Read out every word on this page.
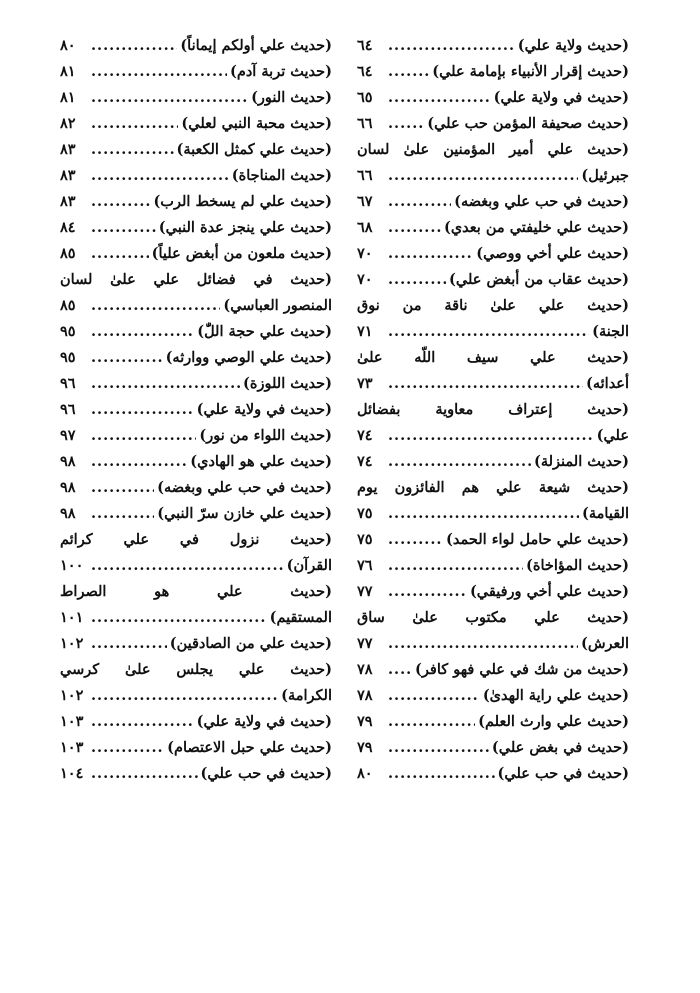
(حديث ولاية علي)
.....
٦٤
(حديث إقرار الأنبياء بإمامة علي)
.....
٦٤
(حديث في ولاية علي)
.....
٦٥
(حديث صحيفة المؤمن حب علي)
.....
٦٦
(حديث علي أمير المؤمنين علىٰ لسان
جبرئيل)
.....
٦٦
(حديث في حب علي وبغضه)
.....
٦٧
(حديث علي خليفتي من بعدي)
.....
٦٨
(حديث علي أخي ووصي)
.....
٧٠
(حديث عقاب من أبغض علي)
.....
٧٠
(حديث علي علىٰ ناقة من نوق
الجنة)
.....
٧١
(حديث علي سيف اللّه علىٰ
أعدائه)
.....
٧٣
(حديث إعتراف معاوية بفضائل
علي)
.....
٧٤
(حديث المنزلة)
.....
٧٤
(حديث شيعة علي هم الفائزون يوم
القيامة)
.....
٧٥
(حديث علي حامل لواء الحمد)
.....
٧٥
(حديث المؤاخاة)
.....
٧٦
(حديث علي أخي ورفيقي)
.....
٧٧
(حديث علي مكتوب علىٰ ساق
العرش)
.....
٧٧
(حديث من شك في علي فهو كافر)
.....
٧٨
(حديث علي راية الهدىٰ)
.....
٧٨
(حديث علي وارث العلم)
.....
٧٩
(حديث في بغض علي)
.....
٧٩
(حديث في حب علي)
.....
٨٠
(حديث علي أولكم إيماناً)
.....
٨٠
(حديث تربة آدم)
.....
٨١
(حديث النور)
.....
٨١
(حديث محبة النبي لعلي)
.....
٨٢
(حديث علي كمثل الكعبة)
.....
٨٣
(حديث المناجاة)
.....
٨٣
(حديث علي لم يسخط الرب)
.....
٨٣
(حديث علي ينجز عدة النبي)
.....
٨٤
(حديث ملعون من أبغض علياً)
.....
٨٥
(حديث في فضائل علي علىٰ لسان
المنصور العباسي)
.....
٨٥
(حديث علي حجة اللّٰ)
.....
٩٥
(حديث علي الوصي ووارثه)
.....
٩٥
(حديث اللوزة)
.....
٩٦
(حديث في ولاية علي)
.....
٩٦
(حديث اللواء من نور)
.....
٩٧
(حديث علي هو الهادي)
.....
٩٨
(حديث في حب علي وبغضه)
.....
٩٨
(حديث علي خازن سرّ النبي)
.....
٩٨
(حديث نزول في علي كرائم
القرآن)
.....
١٠٠
(حديث علي هو الصراط
المستقيم)
.....
١٠١
(حديث علي من الصادقين)
.....
١٠٢
(حديث علي يجلس علىٰ كرسي
الكرامة)
.....
١٠٢
(حديث في ولاية علي)
.....
١٠٣
(حديث علي حبل الاعتصام)
.....
١٠٣
(حديث في حب علي)
.....
١٠٤
